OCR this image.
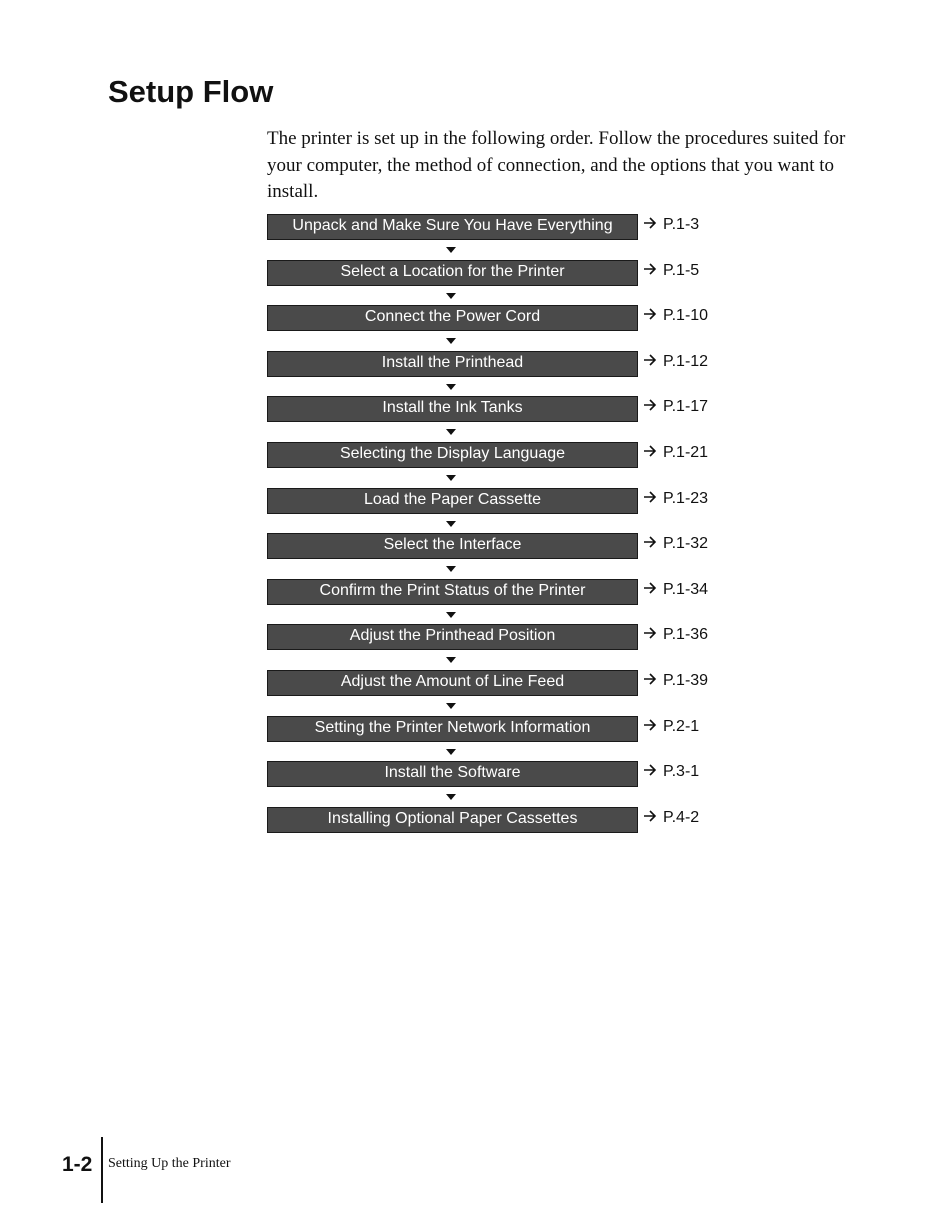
Setup Flow

The printer is set up in the following order. Follow the procedures suited for your computer, the method of connection, and the options that you want to install.

Unpack and Make Sure You Have Everything	P.1-3
Select a Location for the Printer	P.1-5
Connect the Power Cord	P.1-10
Install the Printhead	P.1-12
Install the Ink Tanks	P.1-17
Selecting the Display Language	P.1-21
Load the Paper Cassette	P.1-23
Select the Interface	P.1-32
Confirm the Print Status of the Printer	P.1-34
Adjust the Printhead Position	P.1-36
Adjust the Amount of Line Feed	P.1-39
Setting the Printer Network Information	P.2-1
Install the Software	P.3-1
Installing Optional Paper Cassettes	P.4-2
1-2 Setting Up the Printer
